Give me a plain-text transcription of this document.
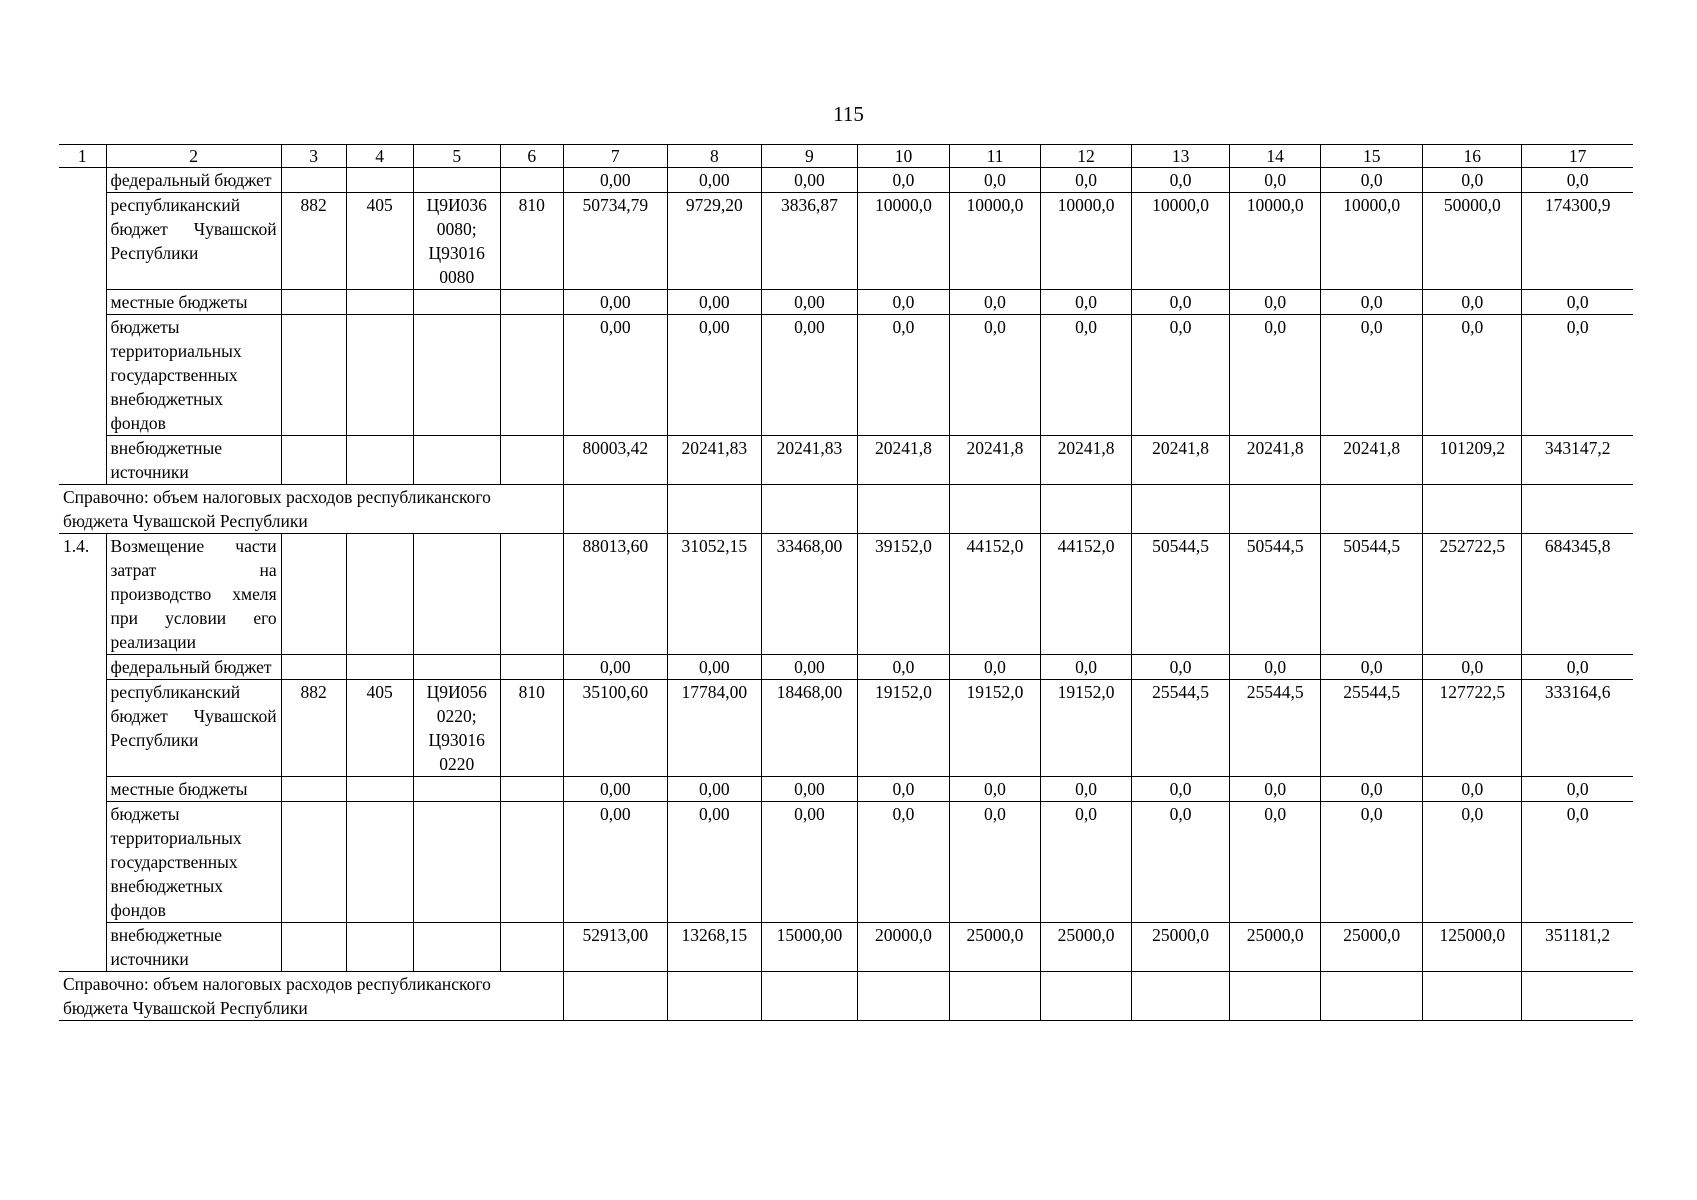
115
1	2	3	4	5	6	7	8	9	10	11	12	13	14	15	16	17
	федеральный бюджет					0,00	0,00	0,00	0,0	0,0	0,0	0,0	0,0	0,0	0,0	0,0
	республиканский бюджет Чувашской Республики	882	405	Ц9И036 0080; Ц93016 0080	810	50734,79	9729,20	3836,87	10000,0	10000,0	10000,0	10000,0	10000,0	10000,0	50000,0	174300,9
	местные бюджеты					0,00	0,00	0,00	0,0	0,0	0,0	0,0	0,0	0,0	0,0	0,0
	бюджеты территориальных государственных внебюджетных фондов					0,00	0,00	0,00	0,0	0,0	0,0	0,0	0,0	0,0	0,0	0,0
	внебюджетные источники					80003,42	20241,83	20241,83	20241,8	20241,8	20241,8	20241,8	20241,8	20241,8	101209,2	343147,2
Справочно: объем налоговых расходов республиканского бюджета Чувашской Республики																
1.4.	Возмещение части затрат на производство хмеля при условии его реализации					88013,60	31052,15	33468,00	39152,0	44152,0	44152,0	50544,5	50544,5	50544,5	252722,5	684345,8
	федеральный бюджет					0,00	0,00	0,00	0,0	0,0	0,0	0,0	0,0	0,0	0,0	0,0
	республиканский бюджет Чувашской Республики	882	405	Ц9И056 0220; Ц93016 0220	810	35100,60	17784,00	18468,00	19152,0	19152,0	19152,0	25544,5	25544,5	25544,5	127722,5	333164,6
	местные бюджеты					0,00	0,00	0,00	0,0	0,0	0,0	0,0	0,0	0,0	0,0	0,0
	бюджеты территориальных государственных внебюджетных фондов					0,00	0,00	0,00	0,0	0,0	0,0	0,0	0,0	0,0	0,0	0,0
	внебюджетные источники					52913,00	13268,15	15000,00	20000,0	25000,0	25000,0	25000,0	25000,0	25000,0	125000,0	351181,2
Справочно: объем налоговых расходов республиканского бюджета Чувашской Республики																
